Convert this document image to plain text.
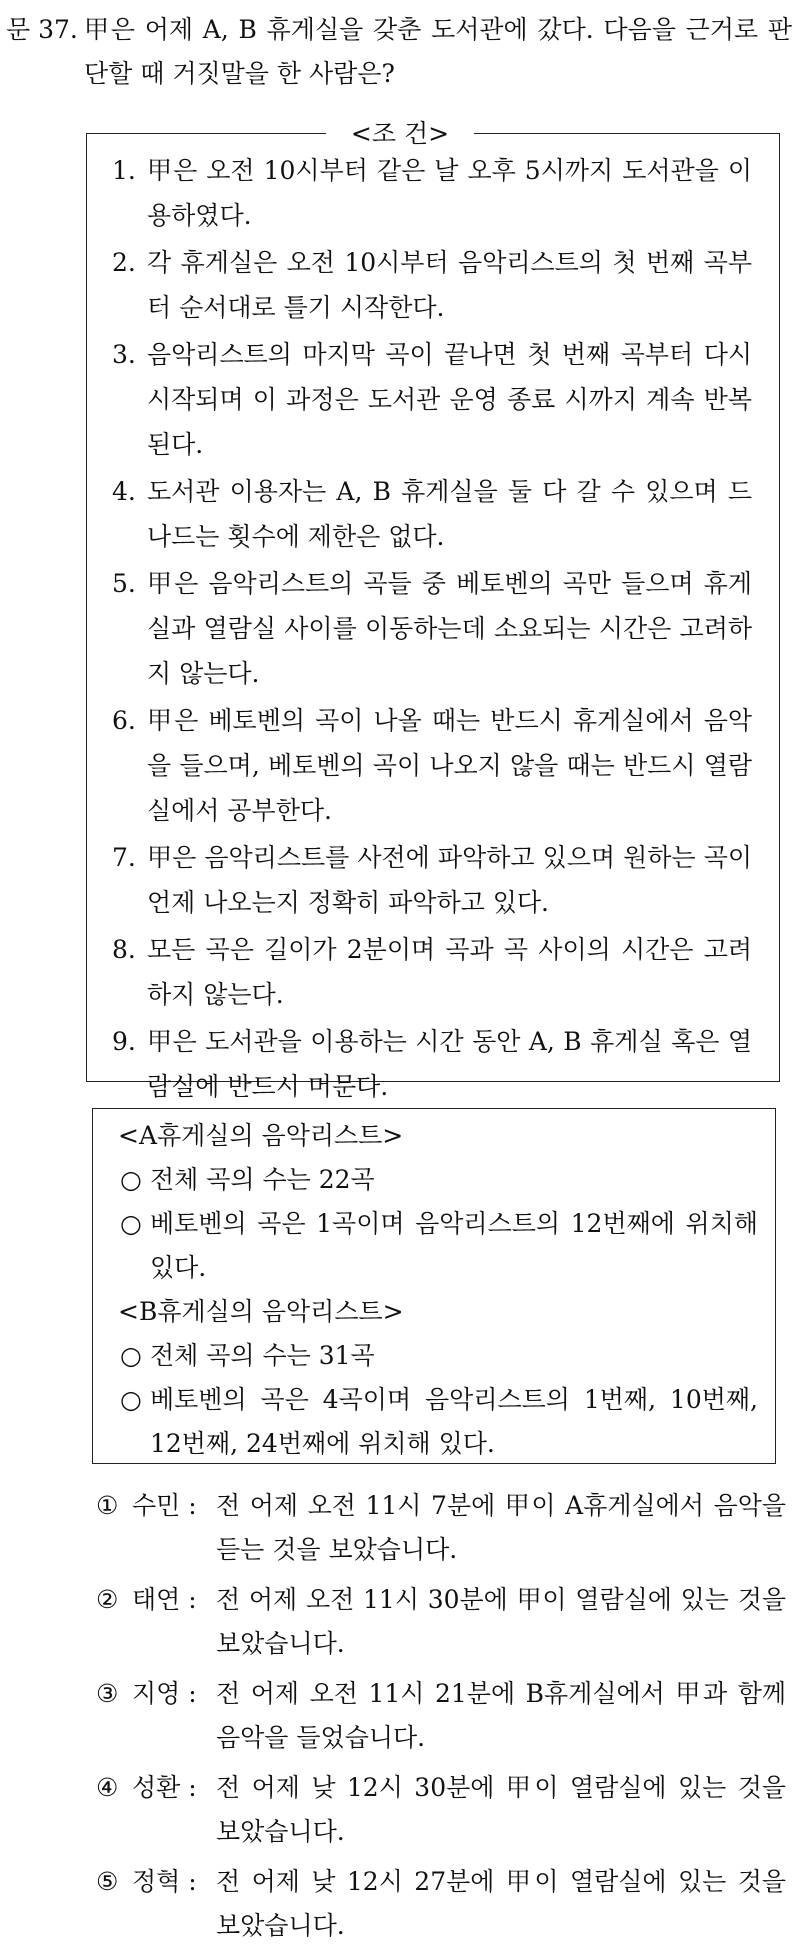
문 37. 甲은 어제 A, B 휴게실을 갖춘 도서관에 갔다. 다음을 근거로 판단할 때 거짓말을 한 사람은?
<조 건>
1. 甲은 오전 10시부터 같은 날 오후 5시까지 도서관을 이용하였다.
2. 각 휴게실은 오전 10시부터 음악리스트의 첫 번째 곡부터 순서대로 틀기 시작한다.
3. 음악리스트의 마지막 곡이 끝나면 첫 번째 곡부터 다시 시작되며 이 과정은 도서관 운영 종료 시까지 계속 반복된다.
4. 도서관 이용자는 A, B 휴게실을 둘 다 갈 수 있으며 드나드는 횟수에 제한은 없다.
5. 甲은 음악리스트의 곡들 중 베토벤의 곡만 들으며 휴게실과 열람실 사이를 이동하는데 소요되는 시간은 고려하지 않는다.
6. 甲은 베토벤의 곡이 나올 때는 반드시 휴게실에서 음악을 들으며, 베토벤의 곡이 나오지 않을 때는 반드시 열람실에서 공부한다.
7. 甲은 음악리스트를 사전에 파악하고 있으며 원하는 곡이 언제 나오는지 정확히 파악하고 있다.
8. 모든 곡은 길이가 2분이며 곡과 곡 사이의 시간은 고려하지 않는다.
9. 甲은 도서관을 이용하는 시간 동안 A, B 휴게실 혹은 열람실에 반드시 머문다.
<A휴게실의 음악리스트>
○ 전체 곡의 수는 22곡
○ 베토벤의 곡은 1곡이며 음악리스트의 12번째에 위치해 있다.
<B휴게실의 음악리스트>
○ 전체 곡의 수는 31곡
○ 베토벤의 곡은 4곡이며 음악리스트의 1번째, 10번째, 12번째, 24번째에 위치해 있다.
① 수민 : 전 어제 오전 11시 7분에 甲이 A휴게실에서 음악을 듣는 것을 보았습니다.
② 태연 : 전 어제 오전 11시 30분에 甲이 열람실에 있는 것을 보았습니다.
③ 지영 : 전 어제 오전 11시 21분에 B휴게실에서 甲과 함께 음악을 들었습니다.
④ 성환 : 전 어제 낮 12시 30분에 甲이 열람실에 있는 것을 보았습니다.
⑤ 정혁 : 전 어제 낮 12시 27분에 甲이 열람실에 있는 것을 보았습니다.
